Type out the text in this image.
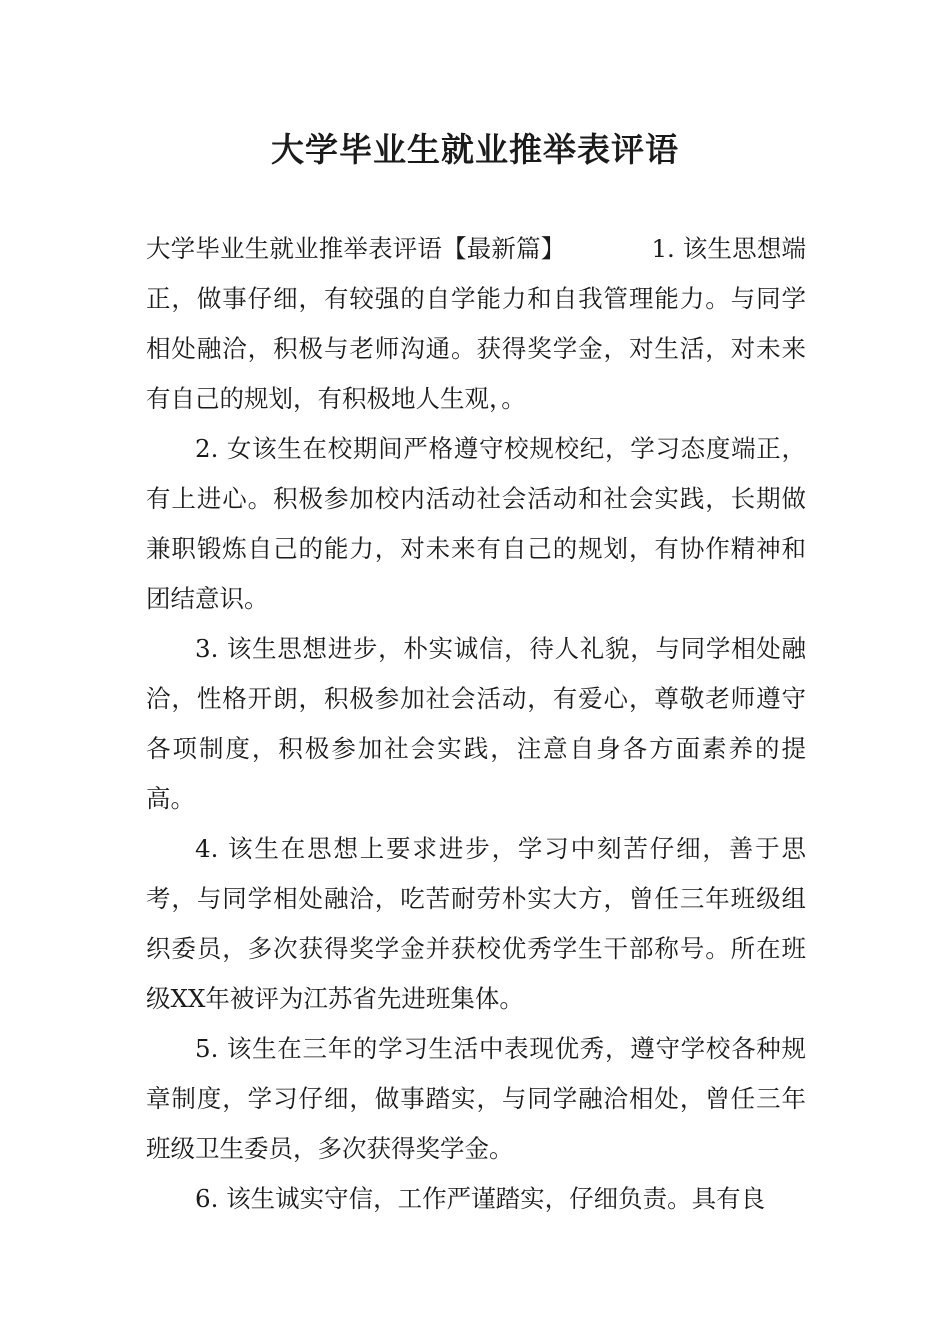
大学毕业生就业推举表评语

大学毕业生就业推举表评语【最新篇】	1. 该生思想端正，做事仔细，有较强的自学能力和自我管理能力。与同学相处融洽，积极与老师沟通。获得奖学金，对生活，对未来有自己的规划，有积极地人生观，。

2. 女该生在校期间严格遵守校规校纪，学习态度端正，有上进心。积极参加校内活动社会活动和社会实践，长期做兼职锻炼自己的能力，对未来有自己的规划，有协作精神和团结意识。

3. 该生思想进步，朴实诚信，待人礼貌，与同学相处融洽，性格开朗，积极参加社会活动，有爱心，尊敬老师遵守各项制度，积极参加社会实践，注意自身各方面素养的提高。

4. 该生在思想上要求进步，学习中刻苦仔细，善于思考，与同学相处融洽，吃苦耐劳朴实大方，曾任三年班级组织委员，多次获得奖学金并获校优秀学生干部称号。所在班级XX年被评为江苏省先进班集体。

5. 该生在三年的学习生活中表现优秀，遵守学校各种规章制度，学习仔细，做事踏实，与同学融洽相处，曾任三年班级卫生委员，多次获得奖学金。

6. 该生诚实守信，工作严谨踏实，仔细负责。具有良
